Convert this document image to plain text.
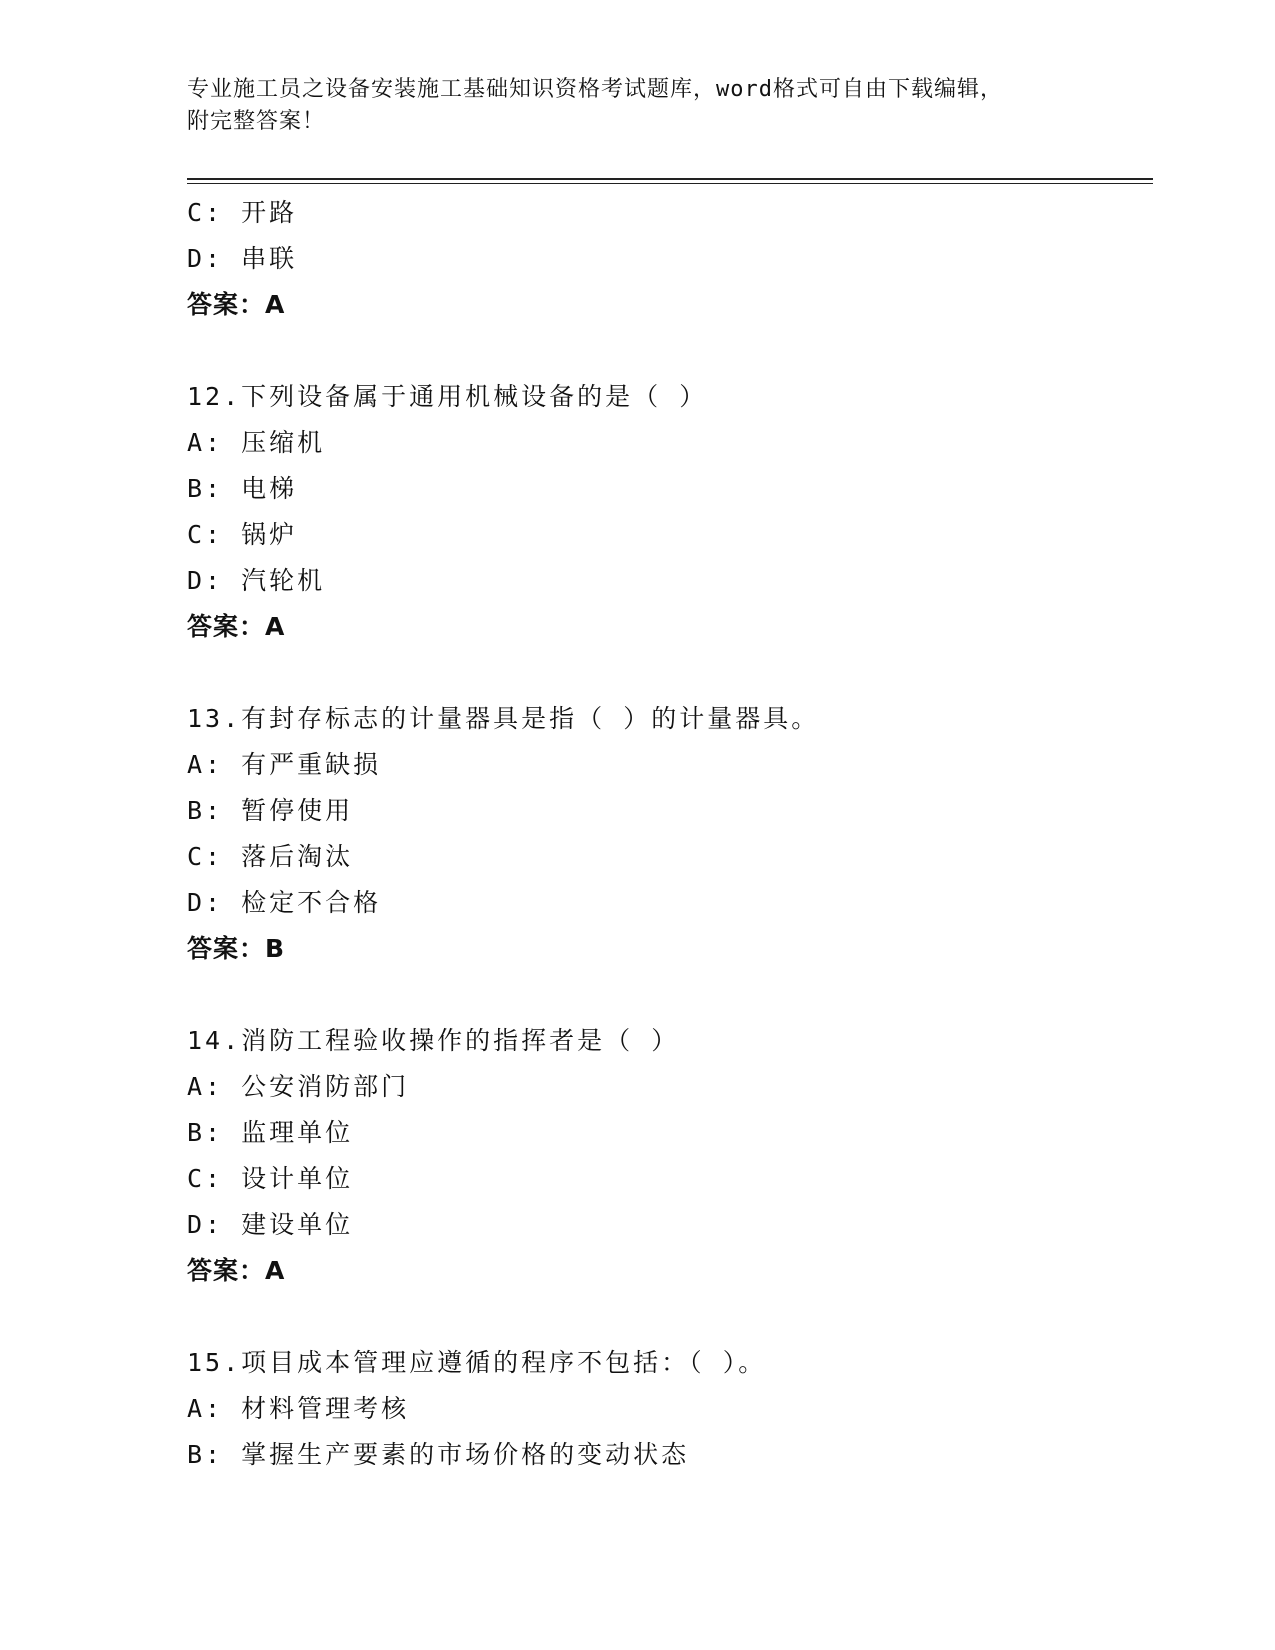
专业施工员之设备安装施工基础知识资格考试题库，word格式可自由下载编辑，
附完整答案！
C: 开路
D: 串联
答案：A
12.下列设备属于通用机械设备的是（ ）
A: 压缩机
B: 电梯
C: 锅炉
D: 汽轮机
答案：A
13.有封存标志的计量器具是指（ ）的计量器具。
A: 有严重缺损
B: 暂停使用
C: 落后淘汰
D: 检定不合格
答案：B
14.消防工程验收操作的指挥者是（ ）
A: 公安消防部门
B: 监理单位
C: 设计单位
D: 建设单位
答案：A
15.项目成本管理应遵循的程序不包括：（ ）。
A: 材料管理考核
B: 掌握生产要素的市场价格的变动状态
